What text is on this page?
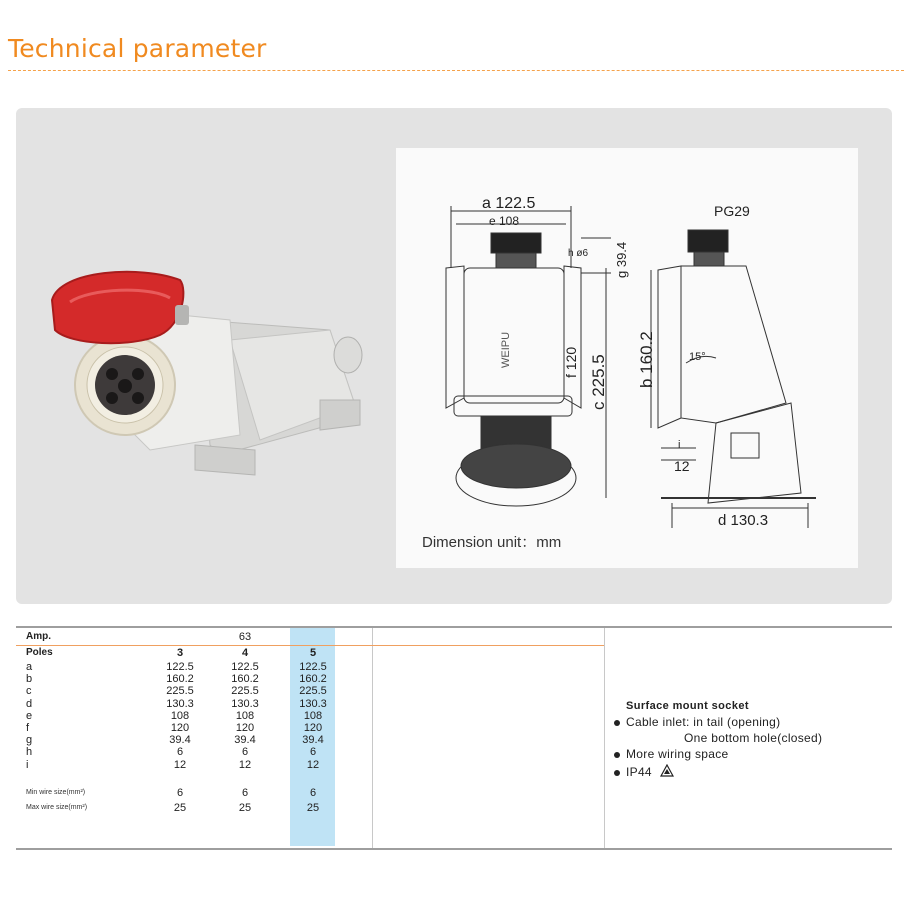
Technical parameter
a 122.5
e 108
h ø6 g 39.4
f 120 c 225.5
WEIPU
PG29
b 160.2	15°
i
12
d 130.3
Dimension unit：mm
Amp.	63
Poles	3	4	5
a	122.5	122.5	122.5
b	160.2	160.2	160.2
c	225.5	225.5	225.5
d	130.3	130.3	130.3
e	108	108	108
f	120	120	120
g	39.4	39.4	39.4
h	6	6	6
i	12	12	12
Min wire size(mm²)	6	6	6
Max wire size(mm²)	25	25	25
Surface mount socket
Cable inlet: in tail (opening)
One bottom hole(closed)
More wiring space
IP44
